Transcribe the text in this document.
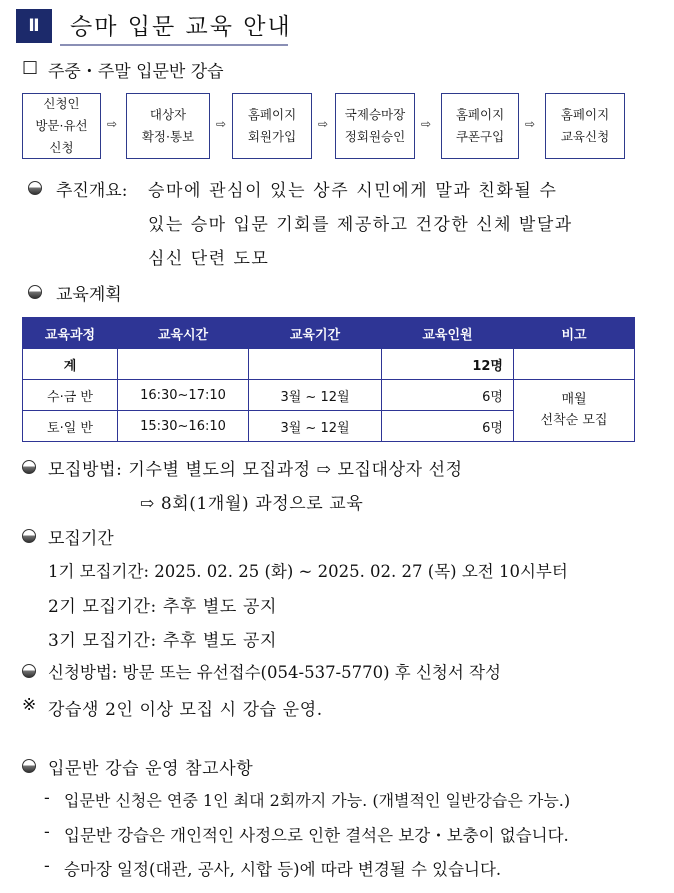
Ⅱ	승마 입문 교육 안내
□ 주중・주말 입문반 강습
신청인
방문·유선
신청
⇨
대상자
확정·통보
⇨
홈페이지
회원가입
⇨
국제승마장
정회원승인
⇨
홈페이지
쿠폰구입
⇨
홈페이지
교육신청
추진개요: 승마에 관심이 있는 상주 시민에게 말과 친화될 수
있는 승마 입문 기회를 제공하고 건강한 신체 발달과
심신 단련 도모
교육계획
교육과정	교육시간	교육기간	교육인원	비고
계			12명	
수·금 반	16:30~17:10	3월 ~ 12월	6명	매월
선착순 모집

토·일 반	15:30~16:10	3월 ~ 12월	6명	
모집방법: 기수별 별도의 모집과정 ⇨ 모집대상자 선정
⇨ 8회(1개월) 과정으로 교육
모집기간
1기 모집기간: 2025. 02. 25 (화) ~ 2025. 02. 27 (목) 오전 10시부터
2기 모집기간: 추후 별도 공지
3기 모집기간: 추후 별도 공지
신청방법: 방문 또는 유선접수(054-537-5770) 후 신청서 작성
※ 강습생 2인 이상 모집 시 강습 운영.
입문반 강습 운영 참고사항
- 입문반 신청은 연중 1인 최대 2회까지 가능. (개별적인 일반강습은 가능.)
- 입문반 강습은 개인적인 사정으로 인한 결석은 보강・보충이 없습니다.
- 승마장 일정(대관, 공사, 시합 등)에 따라 변경될 수 있습니다.
